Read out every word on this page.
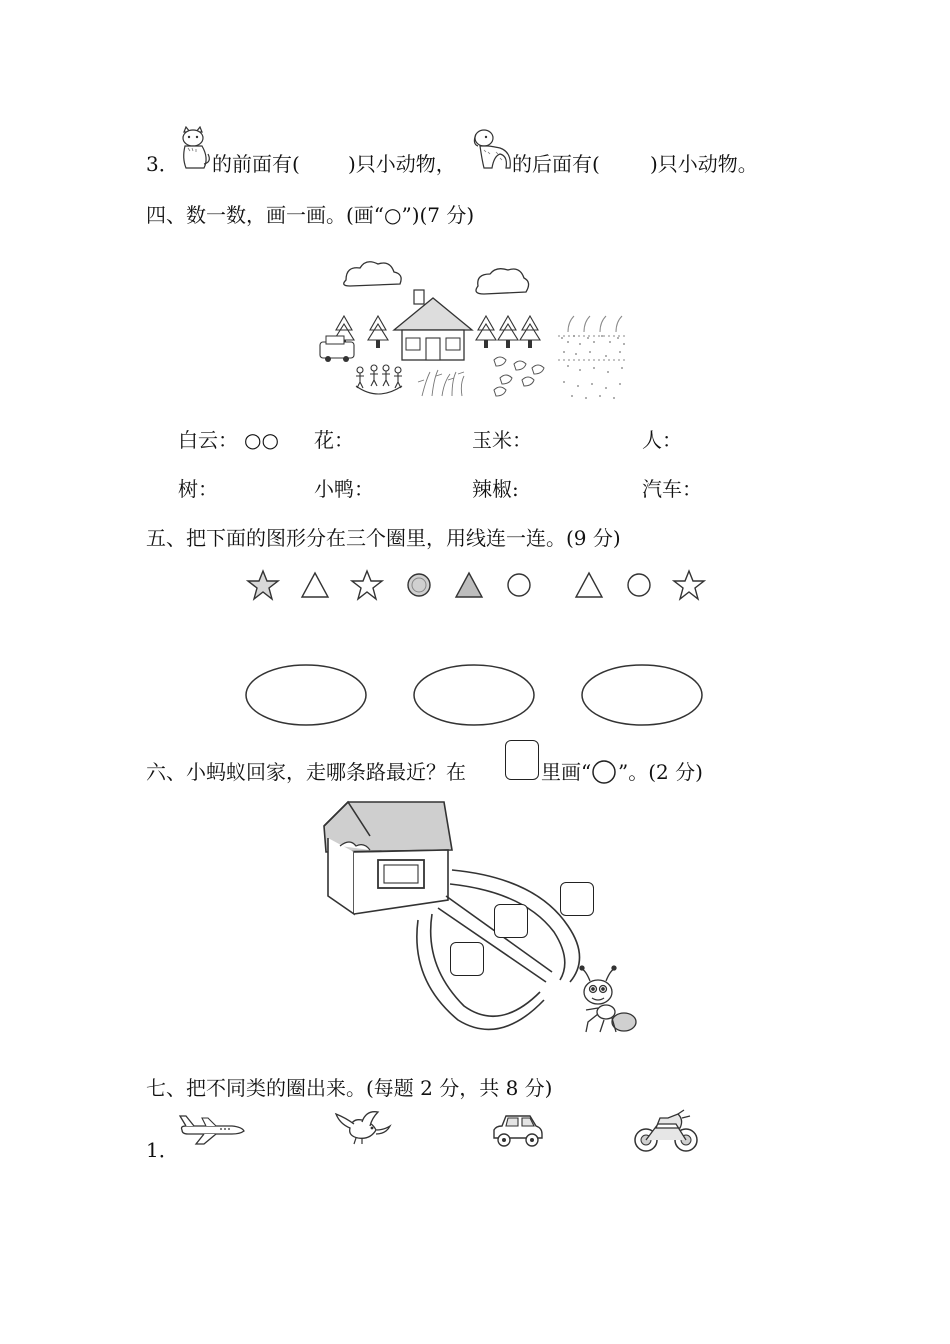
3． 的前面有( )只小动物，	的后面有(	)只小动物。
四、数一数，画一画。(画“○”)(7 分)
白云： ○○ 花：	玉米：	人：
树：	小鸭：	辣椒:	汽车：
五、把下面的图形分在三个圈里，用线连一连。(9 分)
六、小蚂蚁回家，走哪条路最近？在	里画“ ”。(2 分)
七、把不同类的圈出来。(每题 2 分，共 8 分)
1．
